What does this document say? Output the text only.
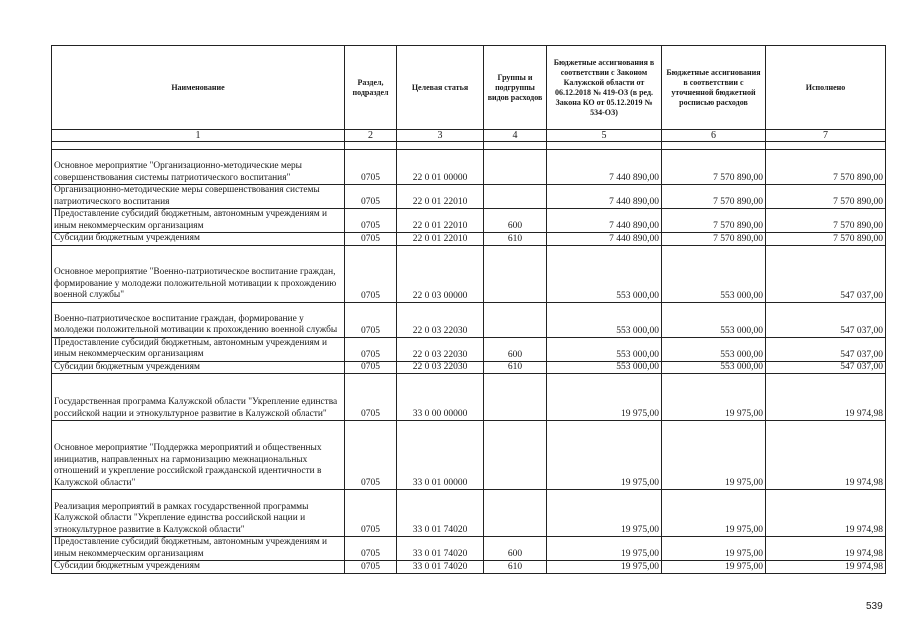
Наименование	Раздел, подраздел	Целевая статья	Группы и подгруппы видов расходов	Бюджетные ассигнования в соответствии с Законом Калужской области от 06.12.2018 № 419-ОЗ (в ред. Закона КО от 05.12.2019 № 534-ОЗ)	Бюджетные ассигнования в соответствии с уточненной бюджетной росписью расходов	Исполнено
1	2	3	4	5	6	7

Основное мероприятие "Организационно-методические меры совершенствования системы патриотического воспитания"	0705	22 0 01 00000		7 440 890,00	7 570 890,00	7 570 890,00
Организационно-методические меры совершенствования системы патриотического воспитания	0705	22 0 01 22010		7 440 890,00	7 570 890,00	7 570 890,00
Предоставление субсидий бюджетным, автономным учреждениям и иным некоммерческим организациям	0705	22 0 01 22010	600	7 440 890,00	7 570 890,00	7 570 890,00
Субсидии бюджетным учреждениям	0705	22 0 01 22010	610	7 440 890,00	7 570 890,00	7 570 890,00
Основное мероприятие "Военно-патриотическое воспитание граждан, формирование у молодежи положительной мотивации к прохождению военной службы"	0705	22 0 03 00000		553 000,00	553 000,00	547 037,00
Военно-патриотическое воспитание граждан, формирование у молодежи положительной мотивации к прохождению военной службы	0705	22 0 03 22030		553 000,00	553 000,00	547 037,00
Предоставление субсидий бюджетным, автономным учреждениям и иным некоммерческим организациям	0705	22 0 03 22030	600	553 000,00	553 000,00	547 037,00
Субсидии бюджетным учреждениям	0705	22 0 03 22030	610	553 000,00	553 000,00	547 037,00
Государственная программа Калужской области "Укрепление единства российской нации и этнокультурное развитие в Калужской области"	0705	33 0 00 00000		19 975,00	19 975,00	19 974,98
Основное мероприятие "Поддержка мероприятий и общественных инициатив, направленных на гармонизацию межнациональных отношений и укрепление российской гражданской идентичности в Калужской области"	0705	33 0 01 00000		19 975,00	19 975,00	19 974,98
Реализация мероприятий в рамках государственной программы Калужской области "Укрепление единства российской нации и этнокультурное развитие в Калужской области"	0705	33 0 01 74020		19 975,00	19 975,00	19 974,98
Предоставление субсидий бюджетным, автономным учреждениям и иным некоммерческим организациям	0705	33 0 01 74020	600	19 975,00	19 975,00	19 974,98
Субсидии бюджетным учреждениям	0705	33 0 01 74020	610	19 975,00	19 975,00	19 974,98
539
